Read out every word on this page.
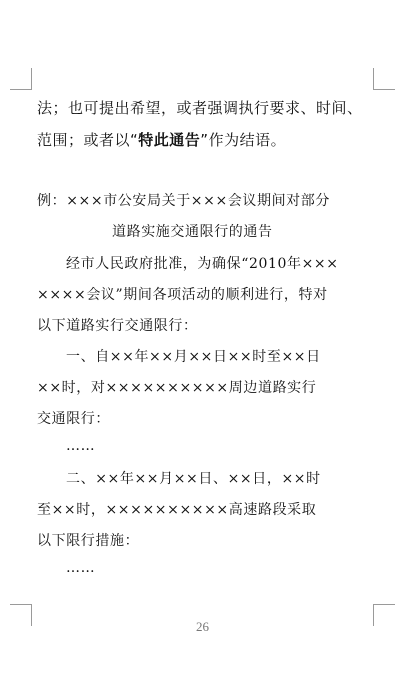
法；也可提出希望，或者强调执行要求、时间、
范围；或者以“特此通告”作为结语。
例：×××市公安局关于×××会议期间对部分
道路实施交通限行的通告
经市人民政府批准，为确保“2010年×××
××××会议”期间各项活动的顺利进行，特对
以下道路实行交通限行：
一、自××年××月××日××时至××日
××时，对××××××××××周边道路实行
交通限行：
……
二、××年××月××日、××日，××时
至××时，××××××××××高速路段采取
以下限行措施：
……
26
